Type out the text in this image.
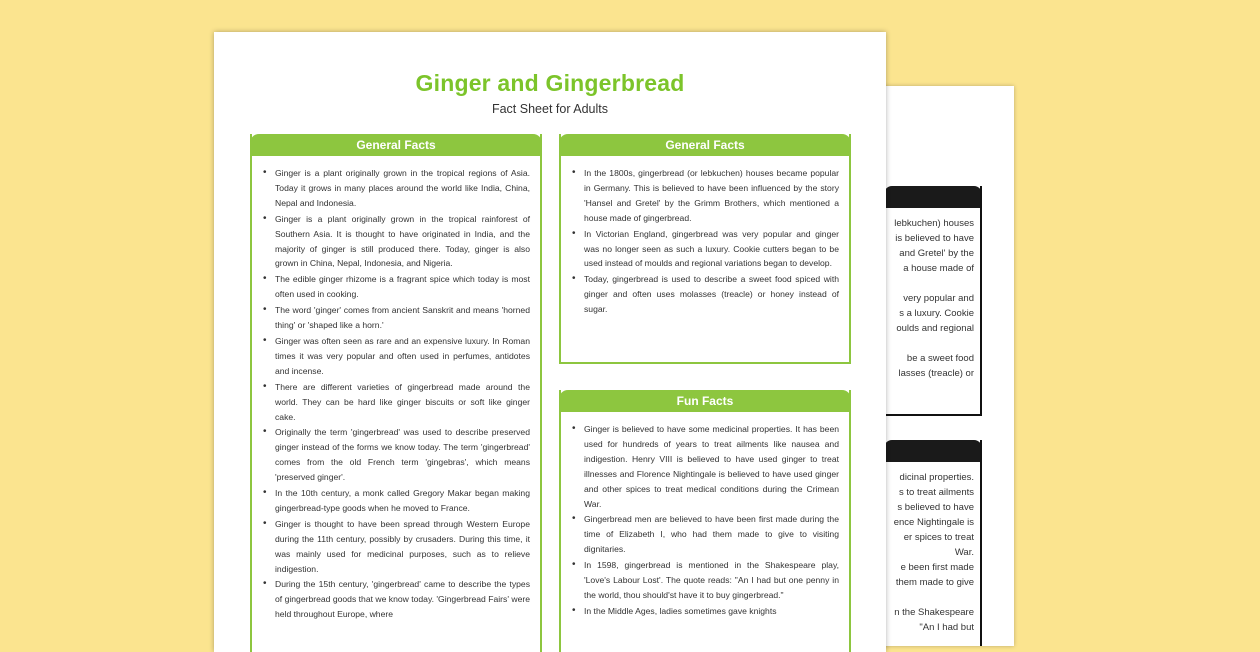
lebkuchen) houses

is believed to have

and Gretel' by the

a house made of

very popular and

s a luxury. Cookie

oulds and regional

be a sweet food

lasses (treacle) or

dicinal properties.

s to treat ailments

s believed to have

ence Nightingale is

er spices to treat

War.

e been first made

them made to give

n the Shakespeare

"An I had but

Ginger and Gingerbread
Fact Sheet for Adults
General Facts
• Ginger is a plant originally grown in the tropical regions of Asia. Today it grows in many places around the world like India, China, Nepal and Indonesia.
• Ginger is a plant originally grown in the tropical rainforest of Southern Asia. It is thought to have originated in India, and the majority of ginger is still produced there. Today, ginger is also grown in China, Nepal, Indonesia, and Nigeria.
• The edible ginger rhizome is a fragrant spice which today is most often used in cooking.
• The word 'ginger' comes from ancient Sanskrit and means 'horned thing' or 'shaped like a horn.'
• Ginger was often seen as rare and an expensive luxury. In Roman times it was very popular and often used in perfumes, antidotes and incense.
• There are different varieties of gingerbread made around the world. They can be hard like ginger biscuits or soft like ginger cake.
• Originally the term 'gingerbread' was used to describe preserved ginger instead of the forms we know today. The term 'gingerbread' comes from the old French term 'gingebras', which means 'preserved ginger'.
• In the 10th century, a monk called Gregory Makar began making gingerbread-type goods when he moved to France.
• Ginger is thought to have been spread through Western Europe during the 11th century, possibly by crusaders. During this time, it was mainly used for medicinal purposes, such as to relieve indigestion.
• During the 15th century, 'gingerbread' came to describe the types of gingerbread goods that we know today. 'Gingerbread Fairs' were held throughout Europe, where
General Facts
• In the 1800s, gingerbread (or lebkuchen) houses became popular in Germany. This is believed to have been influenced by the story 'Hansel and Gretel' by the Grimm Brothers, which mentioned a house made of gingerbread.
• In Victorian England, gingerbread was very popular and ginger was no longer seen as such a luxury. Cookie cutters began to be used instead of moulds and regional variations began to develop.
• Today, gingerbread is used to describe a sweet food spiced with ginger and often uses molasses (treacle) or honey instead of sugar.
Fun Facts
• Ginger is believed to have some medicinal properties. It has been used for hundreds of years to treat ailments like nausea and indigestion. Henry VIII is believed to have used ginger to treat illnesses and Florence Nightingale is believed to have used ginger and other spices to treat medical conditions during the Crimean War.
• Gingerbread men are believed to have been first made during the time of Elizabeth I, who had them made to give to visiting dignitaries.
• In 1598, gingerbread is mentioned in the Shakespeare play, 'Love's Labour Lost'. The quote reads: "An I had but one penny in the world, thou should'st have it to buy gingerbread."
• In the Middle Ages, ladies sometimes gave knights
